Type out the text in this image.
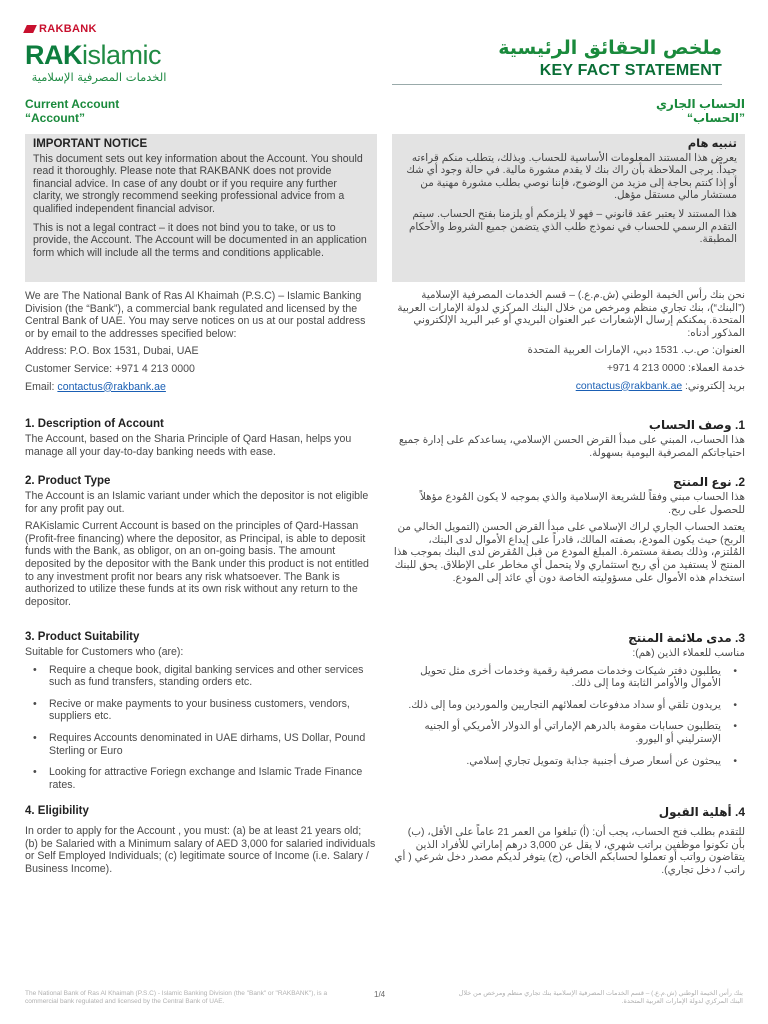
RAKBANK
RAKislamic
الخدمات المصرفية الإسلامية
ملخص الحقائق الرئيسية
KEY FACT STATEMENT
Current Account
“Account”
الحساب الجاري
”الحساب“
IMPORTANT NOTICE

This document sets out key information about the Account. You should read it thoroughly. Please note that RAKBANK does not provide financial advice. In case of any doubt or if you require any further clarity, we strongly recommend seeking professional advice from a qualified independent financial advisor.

This is not a legal contract – it does not bind you to take, or us to provide, the Account. The Account will be documented in an application form which will include all the terms and conditions applicable.

تنبيه هام

يعرض هذا المستند المعلومات الأساسية للحساب. وبذلك، يتطلب منكم قراءته جيداً. يرجى الملاحظة بأن راك بنك لا يقدم مشورة مالية. في حالة وجود أي شك أو إذا كنتم بحاجة إلى مزيد من الوضوح، فإننا نوصي بطلب مشورة مهنية من مستشار مالي مستقل مؤهل.

هذا المستند لا يعتبر عقد قانوني – فهو لا يلزمكم أو يلزمنا بفتح الحساب. سيتم التقدم الرسمي للحساب في نموذج طلب الذي يتضمن جميع الشروط والأحكام المطبقة.

We are The National Bank of Ras Al Khaimah (P.S.C) – Islamic Banking Division (the “Bank”), a commercial bank regulated and licensed by the Central Bank of UAE. You may serve notices on us at our postal address or by email to the addresses specified below:

Address: P.O. Box 1531, Dubai, UAE

Customer Service: +971 4 213 0000

Email: contactus@rakbank.ae

نحن بنك رأس الخيمة الوطني (ش.م.ع.) – قسم الخدمات المصرفية الإسلامية (”البنك“)، بنك تجاري منظم ومرخص من خلال البنك المركزي لدولة الإمارات العربية المتحدة. يمكنكم إرسال الإشعارات عبر العنوان البريدي أو عبر البريد الإلكتروني المذكور أدناه:

العنوان: ص.ب. 1531 دبي، الإمارات العربية المتحدة

خدمة العملاء: 0000 213 4 971+

بريد إلكتروني: contactus@rakbank.ae

1. Description of Account

The Account, based on the Sharia Principle of Qard Hasan, helps you manage all your day-to-day banking needs with ease.

1. وصف الحساب

هذا الحساب، المبني على مبدأ القرض الحسن الإسلامي، يساعدكم على إدارة جميع احتياجاتكم المصرفية اليومية بسهولة.

2. Product Type

The Account is an Islamic variant under which the depositor is not eligible for any profit pay out.

RAKislamic Current Account is based on the principles of Qard-Hassan (Profit-free financing) where the depositor, as Principal, is able to deposit funds with the Bank, as obligor, on an on-going basis. The amount deposited by the depositor with the Bank under this product is not entitled to any investment profit nor bears any risk whatsoever. The Bank is authorized to utilize these funds at its own risk without any return to the depositor.

2. نوع المنتج

هذا الحساب مبني وفقاً للشريعة الإسلامية والذي بموجبه لا يكون المُودع مؤهلاً للحصول على ربح.

يعتمد الحساب الجاري لراك الإسلامي على مبدأ القرض الحسن (التمويل الخالي من الربح) حيث يكون المودع، بصفته المالك، قادراً على إيداع الأموال لدى البنك، المُلتزم، وذلك بصفة مستمرة. المبلغ المودع من قبل المُقرض لدى البنك بموجب هذا المنتج لا يستفيد من أي ربح استثماري ولا يتحمل أي مخاطر على الإطلاق. يحق للبنك استخدام هذه الأموال على مسؤوليته الخاصة دون أي عائد إلى المودع.

3. Product Suitability

Suitable for Customers who (are):

• Require a cheque book, digital banking services and other services such as fund transfers, standing orders etc.
• Recive or make payments to your business customers, vendors, suppliers etc.
• Requires Accounts denominated in UAE dirhams, US Dollar, Pound Sterling or Euro
• Looking for attractive Foriegn exchange and Islamic Trade Finance rates.
3. مدى ملائمة المنتج

مناسب للعملاء الذين (هم):

• يطلبون دفتر شيكات وخدمات مصرفية رقمية وخدمات أخرى مثل تحويل الأموال والأوامر الثابتة وما إلى ذلك.
• يريدون تلقي أو سداد مدفوعات لعملائهم التجاريين والموردين وما إلى ذلك.
• يتطلبون حسابات مقومة بالدرهم الإماراتي أو الدولار الأمريكي أو الجنيه الإسترليني أو اليورو.
• يبحثون عن أسعار صرف أجنبية جذابة وتمويل تجاري إسلامي.
4. Eligibility

In order to apply for the Account , you must: (a) be at least 21 years old; (b) be Salaried with a Minimum salary of AED 3,000 for salaried individuals or Self Employed Individuals; (c) legitimate source of Income (i.e. Salary / Business Income).

4. أهلية القبول

للتقدم بطلب فتح الحساب، يجب أن: (أ) تبلغوا من العمر 21 عاماً على الأقل، (ب) بأن تكونوا موظفين براتب شهري، لا يقل عن 3,000 درهم إماراتي للأفراد الذين يتقاضون رواتب أو تعملوا لحسابكم الخاص، (ج) يتوفر لديكم مصدر دخل شرعي ( أي راتب / دخل تجاري).

The National Bank of Ras Al Khaimah (P.S.C) - Islamic Banking Division (the "Bank" or "RAKBANK"), is a commercial bank regulated and licensed by the Central Bank of UAE.
1/4	بنك رأس الخيمة الوطني (ش.م.ع.) – قسم الخدمات المصرفية الإسلامية بنك تجاري منظم ومرخص من خلال البنك المركزي لدولة الإمارات العربية المتحدة.
